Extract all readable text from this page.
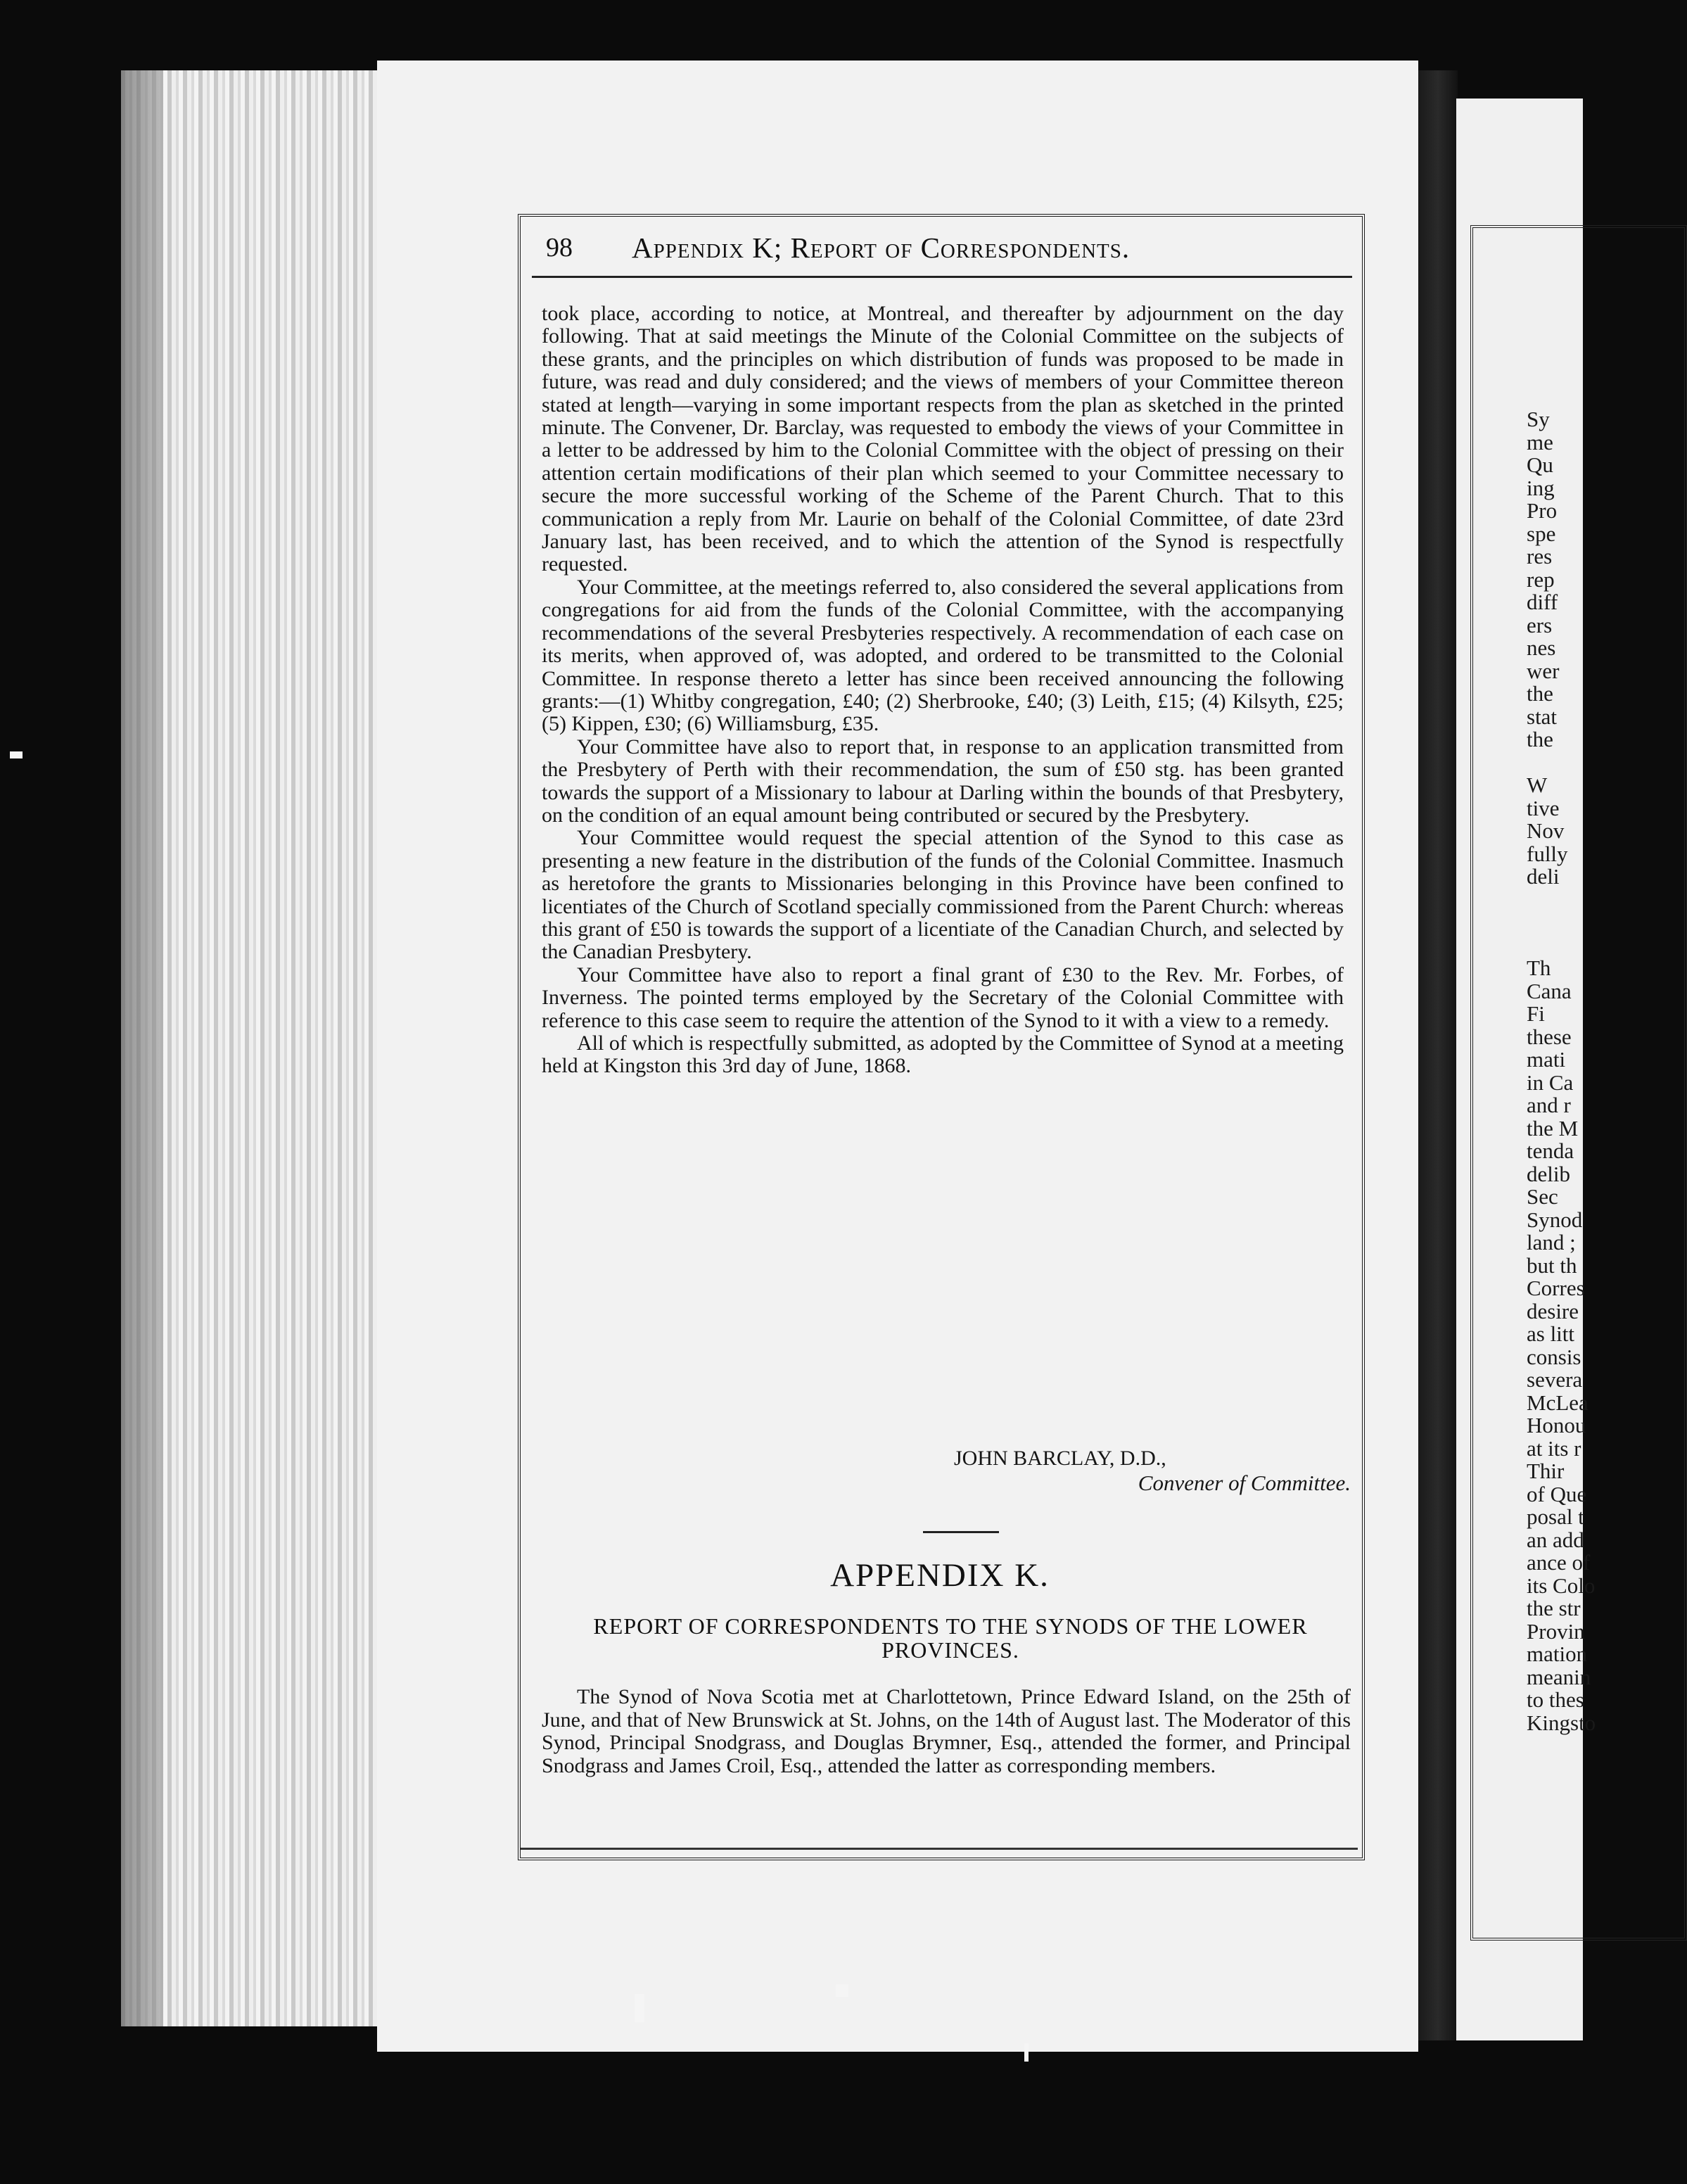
Sy
me
Qu
ing
Pro
spe
res
rep
diff
ers
nes
wer
the
stat
the

W
tive
Nov
fully
deli

Th
Cana
Fi
these
mati
in Ca
and r
the M
tenda
delib
Sec
Synod
land ;
but th
Corres
desire
as litt
consis
severa
McLea
Honou
at its r
Thir
of Que
posal t
an add
ance of
its Colo
the str
Provin
mation
meanin
to thes
Kingsto
98 Appendix K; Report of Correspondents.

took place, according to notice, at Montreal, and thereafter by adjournment on the day following. That at said meetings the Minute of the Colonial Committee on the subjects of these grants, and the principles on which distribution of funds was proposed to be made in future, was read and duly considered; and the views of members of your Committee thereon stated at length—varying in some important respects from the plan as sketched in the printed minute. The Convener, Dr. Barclay, was requested to embody the views of your Committee in a letter to be addressed by him to the Colonial Committee with the object of pressing on their attention certain modifications of their plan which seemed to your Committee necessary to secure the more successful working of the Scheme of the Parent Church. That to this communication a reply from Mr. Laurie on behalf of the Colonial Committee, of date 23rd January last, has been received, and to which the attention of the Synod is respectfully requested.

Your Committee, at the meetings referred to, also considered the several applications from congregations for aid from the funds of the Colonial Committee, with the accompanying recommendations of the several Presbyteries respectively. A recommendation of each case on its merits, when approved of, was adopted, and ordered to be transmitted to the Colonial Committee. In response thereto a letter has since been received announcing the following grants:—(1) Whitby congregation, £40; (2) Sherbrooke, £40; (3) Leith, £15; (4) Kilsyth, £25; (5) Kippen, £30; (6) Williamsburg, £35.

Your Committee have also to report that, in response to an application transmitted from the Presbytery of Perth with their recommendation, the sum of £50 stg. has been granted towards the support of a Missionary to labour at Darling within the bounds of that Presbytery, on the condition of an equal amount being contributed or secured by the Presbytery.

Your Committee would request the special attention of the Synod to this case as presenting a new feature in the distribution of the funds of the Colonial Committee. Inasmuch as heretofore the grants to Missionaries belonging in this Province have been confined to licentiates of the Church of Scotland specially commissioned from the Parent Church: whereas this grant of £50 is towards the support of a licentiate of the Canadian Church, and selected by the Canadian Presbytery.

Your Committee have also to report a final grant of £30 to the Rev. Mr. Forbes, of Inverness. The pointed terms employed by the Secretary of the Colonial Committee with reference to this case seem to require the attention of the Synod to it with a view to a remedy.

All of which is respectfully submitted, as adopted by the Committee of Synod at a meeting held at Kingston this 3rd day of June, 1868.

JOHN BARCLAY, D.D.,
Convener of Committee.
APPENDIX K.
REPORT OF CORRESPONDENTS TO THE SYNODS OF THE LOWER PROVINCES.

The Synod of Nova Scotia met at Charlottetown, Prince Edward Island, on the 25th of June, and that of New Brunswick at St. Johns, on the 14th of August last. The Moderator of this Synod, Principal Snodgrass, and Douglas Brymner, Esq., attended the former, and Principal Snodgrass and James Croil, Esq., attended the latter as corresponding members.
